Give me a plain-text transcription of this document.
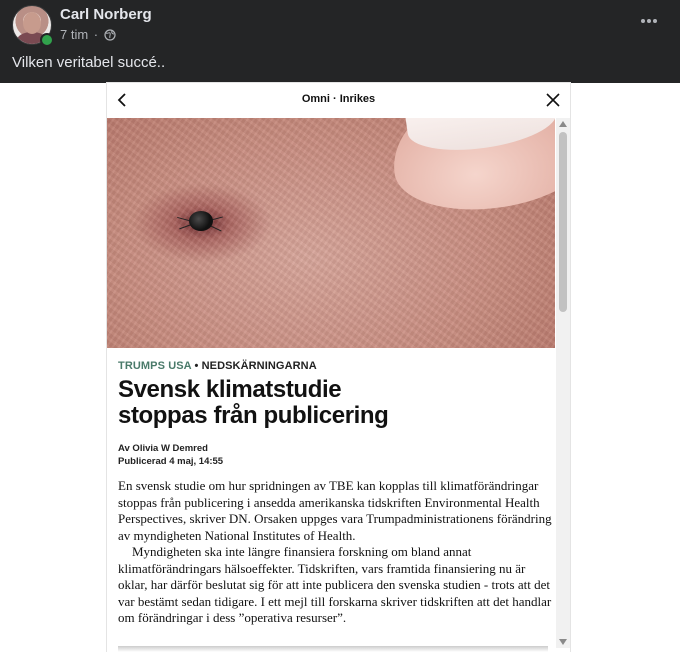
Carl Norberg
7 tim ·
Vilken veritabel succé..
Omni · Inrikes
TRUMPS USA • NEDSKÄRNINGARNA
Svensk klimatstudie
stoppas från publicering
Av Olivia W Demred
Publicerad 4 maj, 14:55

En svensk studie om hur spridningen av TBE kan kopplas till klimatförändringar stoppas från publicering i ansedda amerikanska tidskriften Environmental Health Perspectives, skriver DN. Orsaken uppges vara Trumpadministrationens förändring av myndigheten National Institutes of Health.

Myndigheten ska inte längre finansiera forskning om bland annat klimatförändringars hälsoeffekter. Tidskriften, vars framtida finansiering nu är oklar, har därför beslutat sig för att inte publicera den svenska studien - trots att det var bestämt sedan tidigare. I ett mejl till forskarna skriver tidskriften att det handlar om förändringar i dess ”operativa resurser”.
